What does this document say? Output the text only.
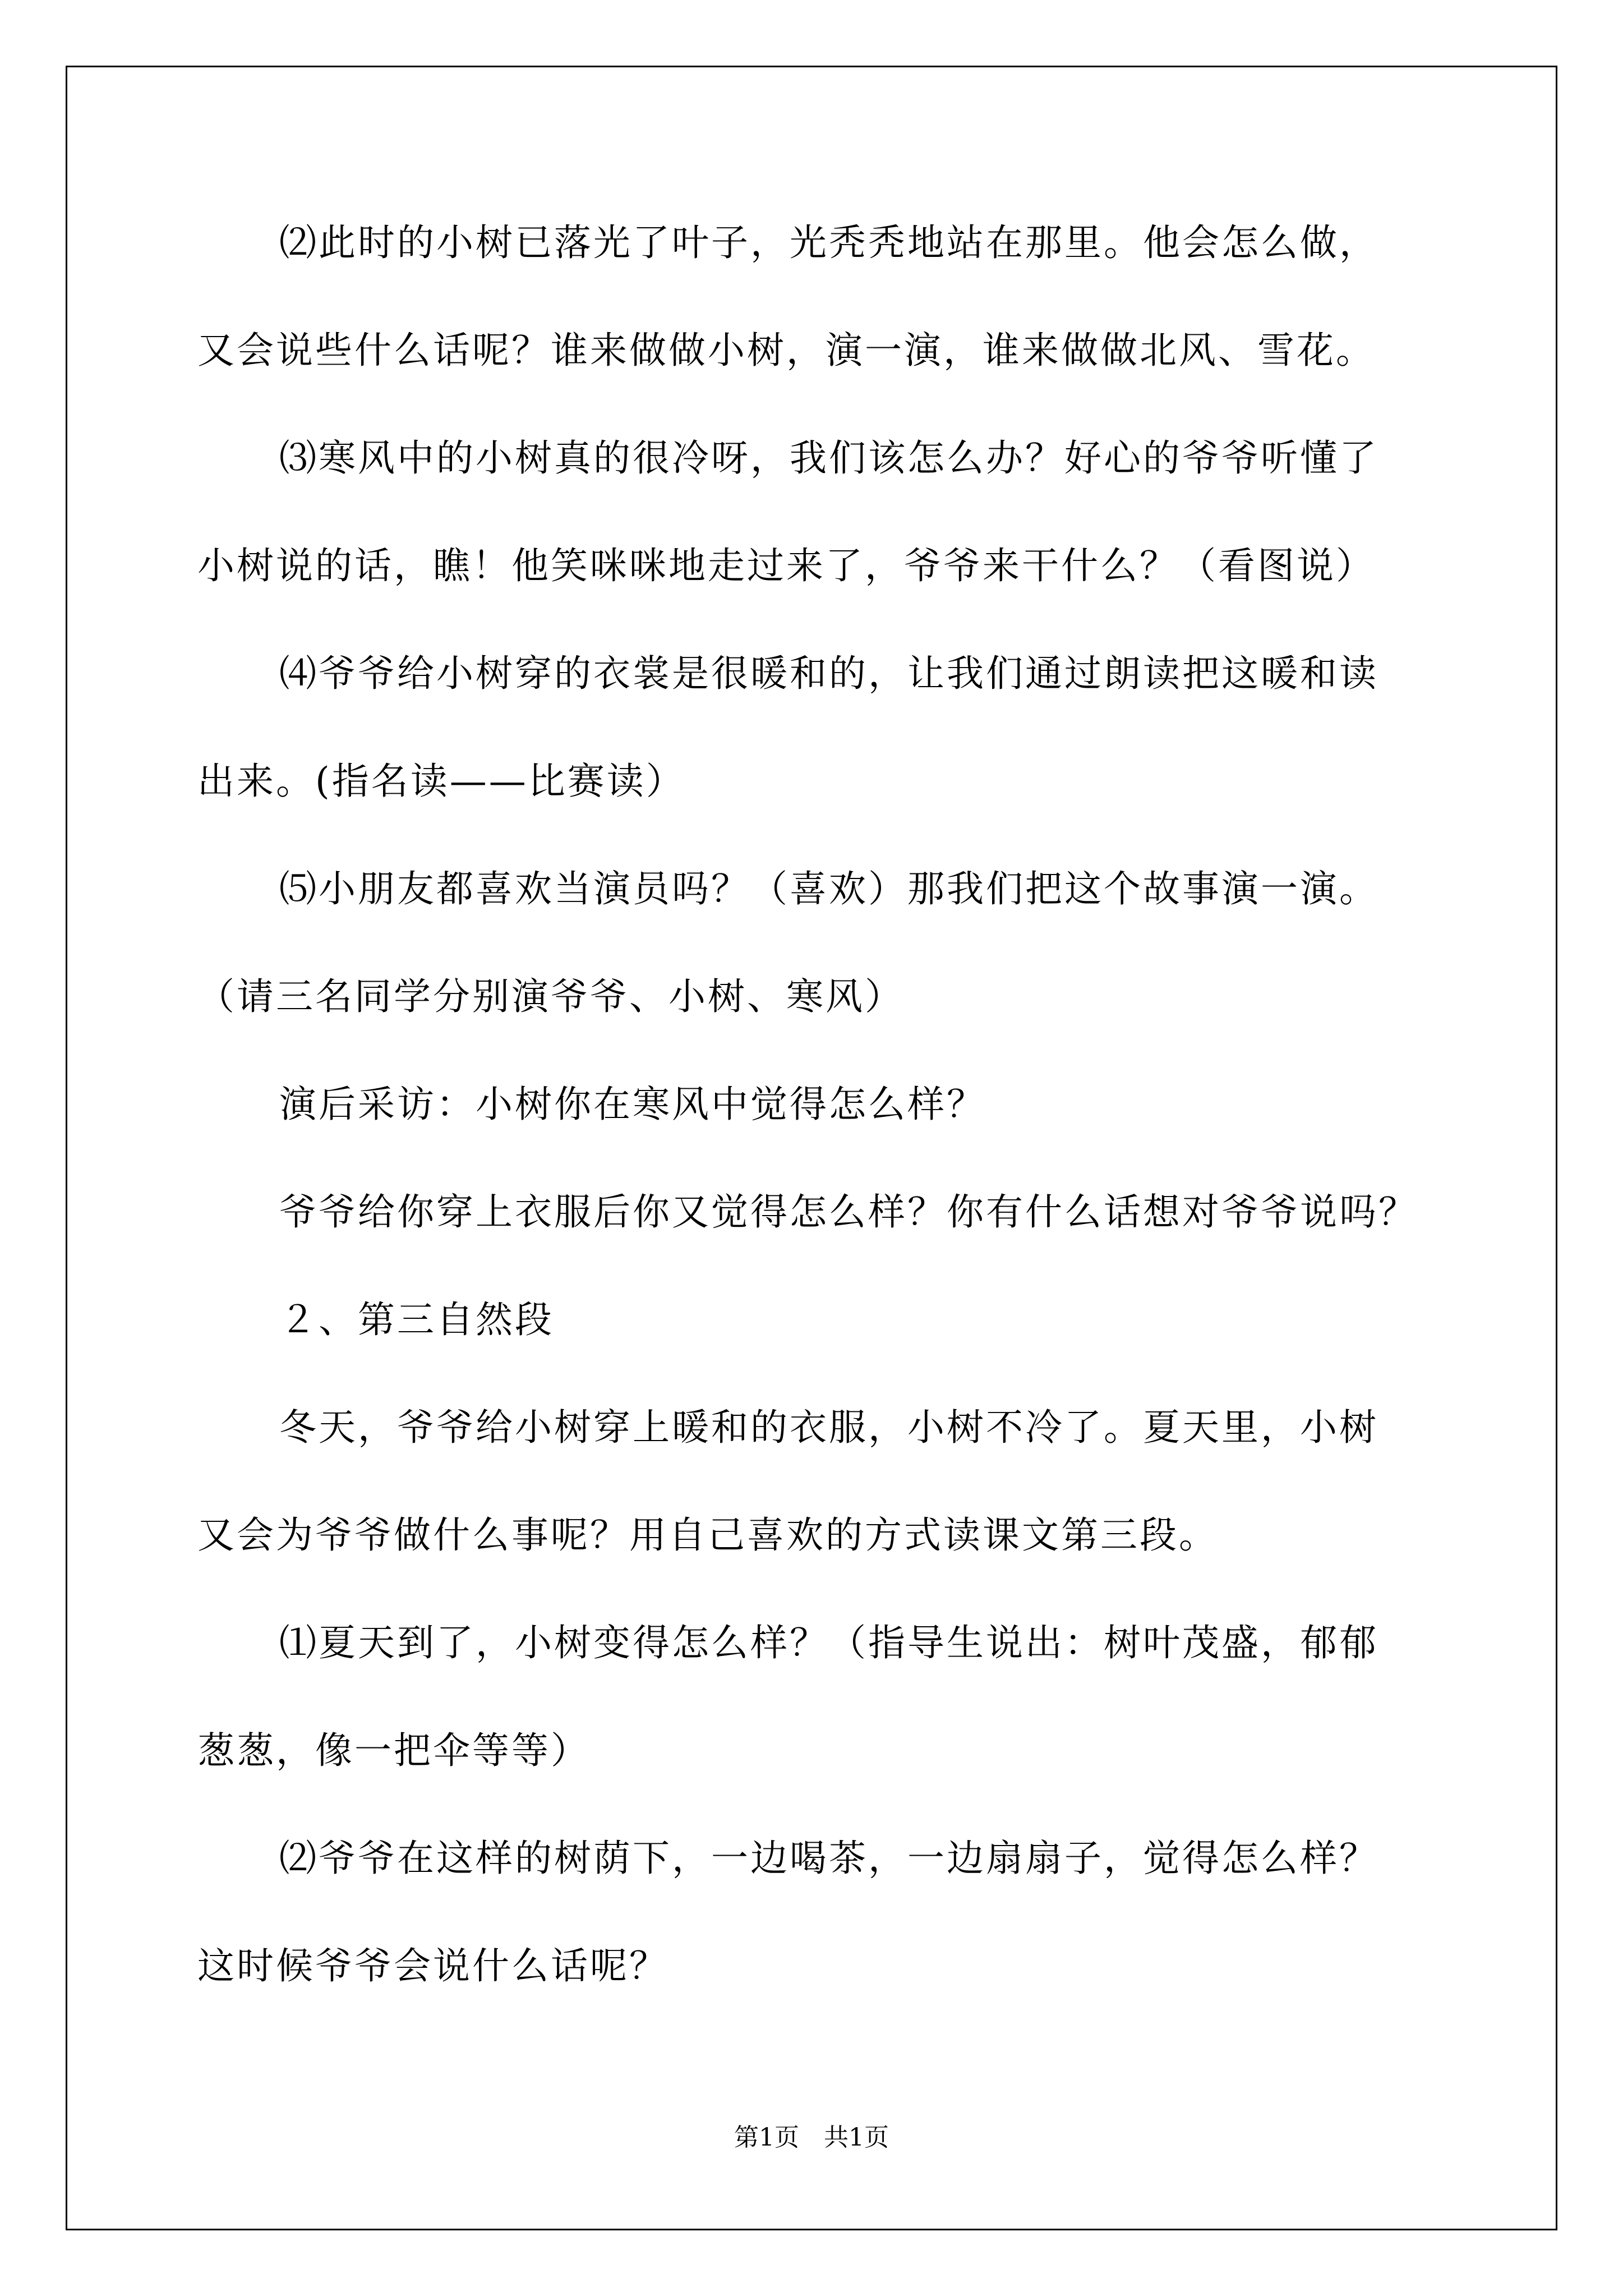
⑵此时的小树已落光了叶子，光秃秃地站在那里。他会怎么做，
又会说些什么话呢？谁来做做小树，演一演，谁来做做北风、雪花。
⑶寒风中的小树真的很冷呀，我们该怎么办？好心的爷爷听懂了
小树说的话，瞧！他笑咪咪地走过来了，爷爷来干什么？（看图说）
⑷爷爷给小树穿的衣裳是很暖和的，让我们通过朗读把这暖和读
出来。(指名读——比赛读）
⑸小朋友都喜欢当演员吗？（喜欢）那我们把这个故事演一演。
（请三名同学分别演爷爷、小树、寒风）
演后采访：小树你在寒风中觉得怎么样？
爷爷给你穿上衣服后你又觉得怎么样？你有什么话想对爷爷说吗？
２、第三自然段
冬天，爷爷给小树穿上暖和的衣服，小树不冷了。夏天里，小树
又会为爷爷做什么事呢？用自己喜欢的方式读课文第三段。
⑴夏天到了，小树变得怎么样？（指导生说出：树叶茂盛，郁郁
葱葱，像一把伞等等）
⑵爷爷在这样的树荫下，一边喝茶，一边扇扇子，觉得怎么样？
这时候爷爷会说什么话呢？
第1页　共1页
